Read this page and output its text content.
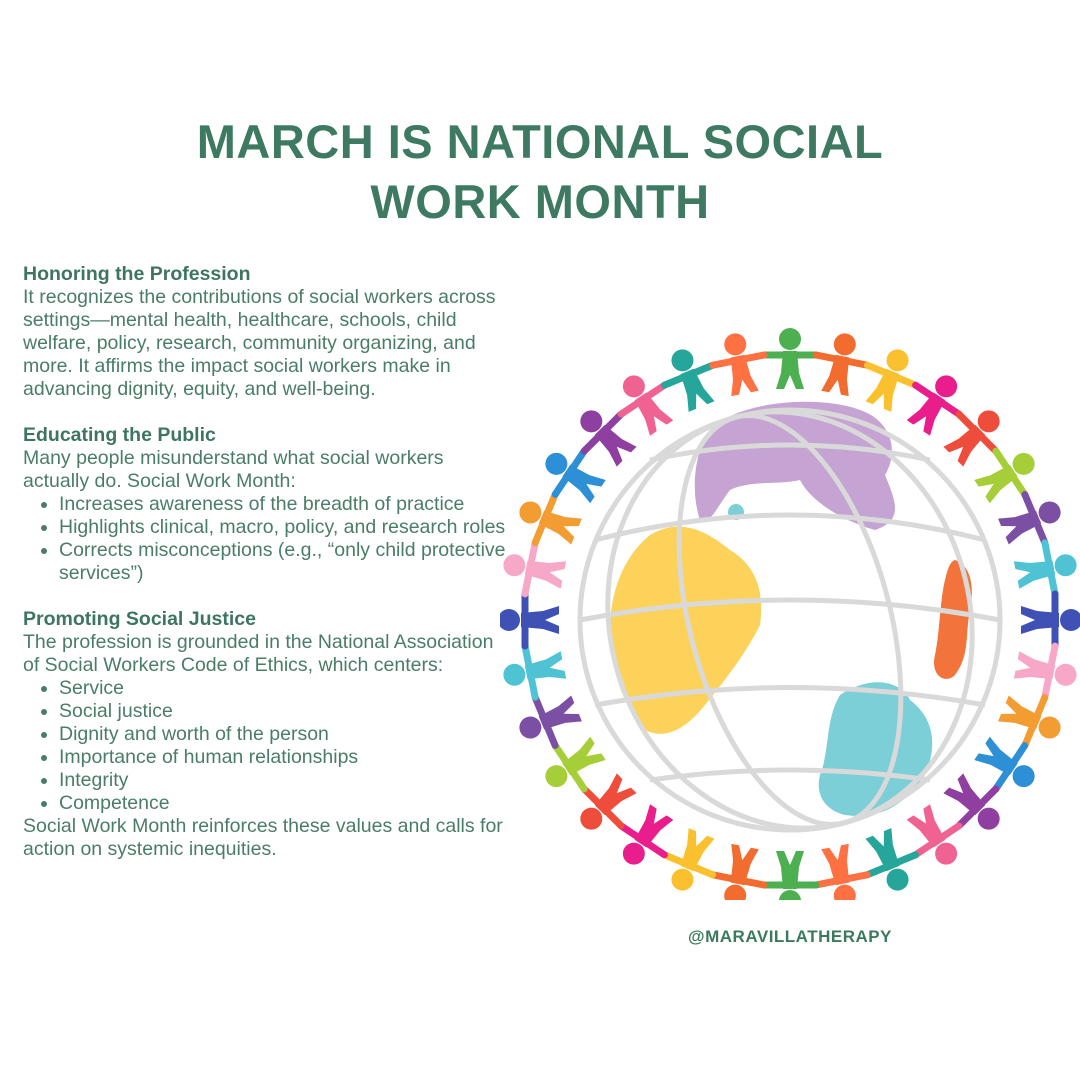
MARCH IS NATIONAL SOCIAL
WORK MONTH
Honoring the Profession
It recognizes the contributions of social workers across settings—mental health, healthcare, schools, child welfare, policy, research, community organizing, and more. It affirms the impact social workers make in advancing dignity, equity, and well-being.
Educating the Public
Many people misunderstand what social workers actually do. Social Work Month:
• Increases awareness of the breadth of practice
• Highlights clinical, macro, policy, and research roles
• Corrects misconceptions (e.g., “only child protective services”)
Promoting Social Justice
The profession is grounded in the National Association of Social Workers Code of Ethics, which centers:
• Service
• Social justice
• Dignity and worth of the person
• Importance of human relationships
• Integrity
• Competence
Social Work Month reinforces these values and calls for action on systemic inequities.
@MARAVILLATHERAPY
